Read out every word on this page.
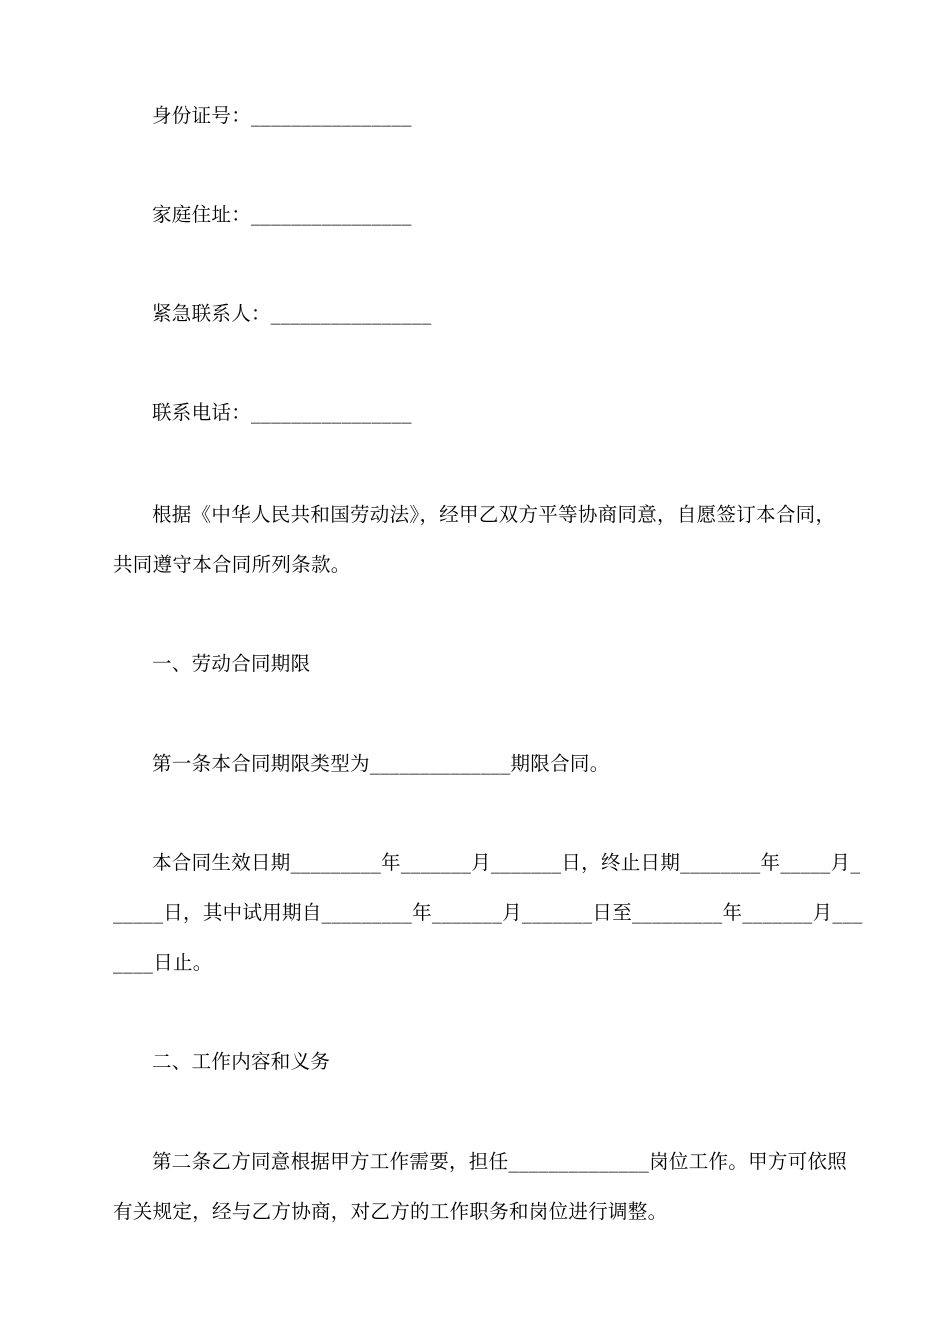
身份证号：________________
家庭住址：________________
紧急联系人：________________
联系电话：________________
根据《中华人民共和国劳动法》，经甲乙双方平等协商同意，自愿签订本合同，
共同遵守本合同所列条款。
一、劳动合同期限
第一条本合同期限类型为______________期限合同。
本合同生效日期_________年_______月_______日，终止日期________年_____月_
_____日，其中试用期自_________年_______月_______日至_________年_______月___
____日止。
二、工作内容和义务
第二条乙方同意根据甲方工作需要，担任______________岗位工作。甲方可依照
有关规定，经与乙方协商，对乙方的工作职务和岗位进行调整。
